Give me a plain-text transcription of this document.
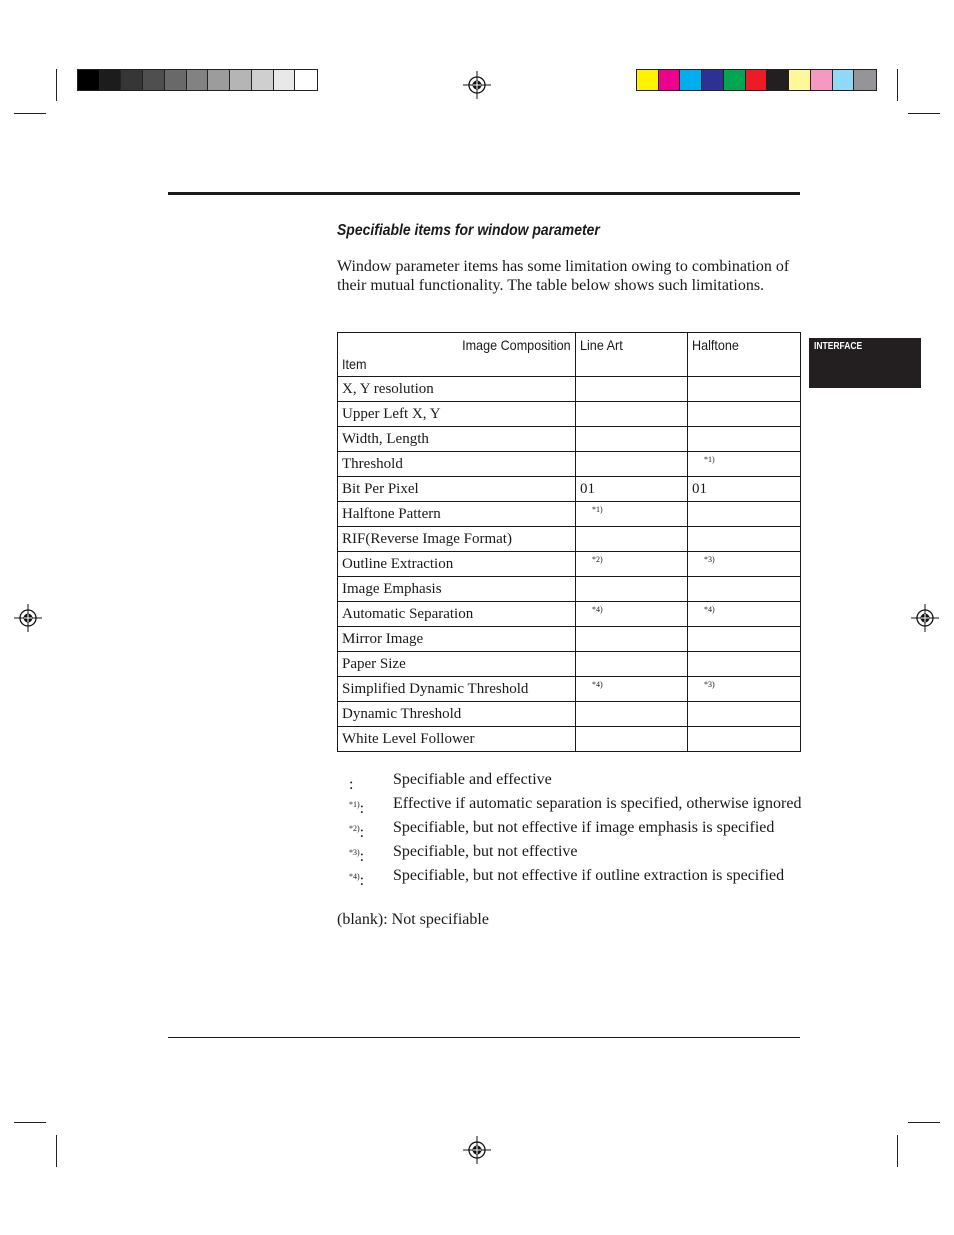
INTERFACE
Specifiable items for window parameter

Window parameter items has some limitation owing to combination of their mutual functionality. The table below shows such limitations.

Image Composition
Item	Line Art	Halftone
X, Y resolution		
Upper Left X, Y		
Width, Length		
Threshold		*1)

Bit Per Pixel	01	01
Halftone Pattern	*1)	

RIF(Reverse Image Format)		
Outline Extraction	*2)	*3)

Image Emphasis		
Automatic Separation	*4)	*4)

Mirror Image		
Paper Size		
Simplified Dynamic Threshold	*4)	*3)

Dynamic Threshold		
White Level Follower		
: Specifiable and effective
$^{*1)}$: Effective if automatic separation is specified, otherwise ignored
$^{*2)}$: Specifiable, but not effective if image emphasis is specified
$^{*3)}$: Specifiable, but not effective
$^{*4)}$: Specifiable, but not effective if outline extraction is specified
(blank): Not specifiable
